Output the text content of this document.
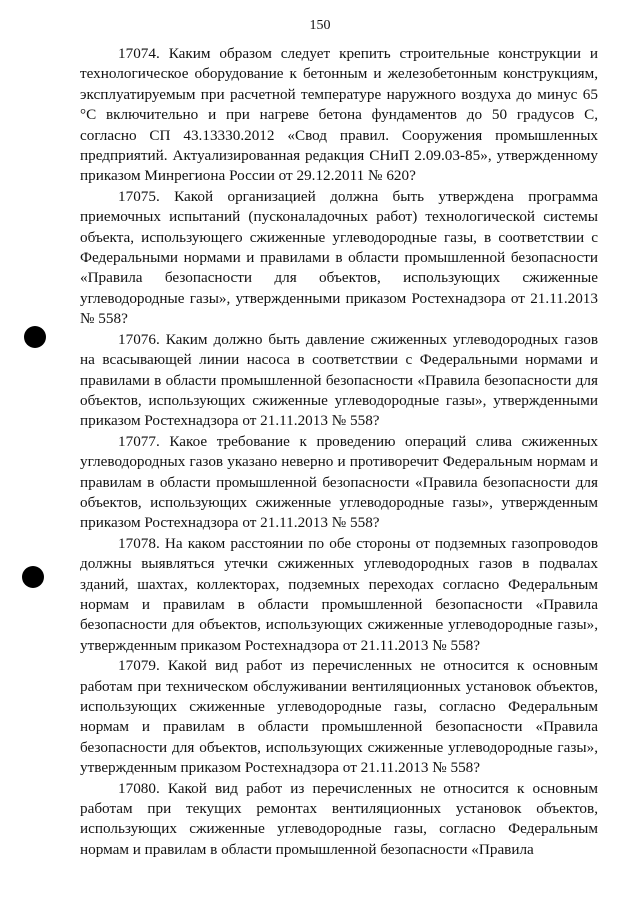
150

17074. Каким образом следует крепить строительные конструкции и технологическое оборудование к бетонным и железобетонным конструкциям, эксплуатируемым при расчетной температуре наружного воздуха до минус 65 °С включительно и при нагреве бетона фундаментов до 50 градусов С, согласно СП 43.13330.2012 «Свод правил. Сооружения промышленных предприятий. Актуализированная редакция СНиП 2.09.03-85», утвержденному приказом Минрегиона России от 29.12.2011 № 620?

17075. Какой организацией должна быть утверждена программа приемочных испытаний (пусконаладочных работ) технологической системы объекта, использующего сжиженные углеводородные газы, в соответствии с Федеральными нормами и правилами в области промышленной безопасности «Правила безопасности для объектов, использующих сжиженные углеводородные газы», утвержденными приказом Ростехнадзора от 21.11.2013 № 558?

17076. Каким должно быть давление сжиженных углеводородных газов на всасывающей линии насоса в соответствии с Федеральными нормами и правилами в области промышленной безопасности «Правила безопасности для объектов, использующих сжиженные углеводородные газы», утвержденными приказом Ростехнадзора от 21.11.2013 № 558?

17077. Какое требование к проведению операций слива сжиженных углеводородных газов указано неверно и противоречит Федеральным нормам и правилам в области промышленной безопасности «Правила безопасности для объектов, использующих сжиженные углеводородные газы», утвержденным приказом Ростехнадзора от 21.11.2013 № 558?

17078. На каком расстоянии по обе стороны от подземных газопроводов должны выявляться утечки сжиженных углеводородных газов в подвалах зданий, шахтах, коллекторах, подземных переходах согласно Федеральным нормам и правилам в области промышленной безопасности «Правила безопасности для объектов, использующих сжиженные углеводородные газы», утвержденным приказом Ростехнадзора от 21.11.2013 № 558?

17079. Какой вид работ из перечисленных не относится к основным работам при техническом обслуживании вентиляционных установок объектов, использующих сжиженные углеводородные газы, согласно Федеральным нормам и правилам в области промышленной безопасности «Правила безопасности для объектов, использующих сжиженные углеводородные газы», утвержденным приказом Ростехнадзора от 21.11.2013 № 558?

17080. Какой вид работ из перечисленных не относится к основным работам при текущих ремонтах вентиляционных установок объектов, использующих сжиженные углеводородные газы, согласно Федеральным нормам и правилам в области промышленной безопасности «Правила
